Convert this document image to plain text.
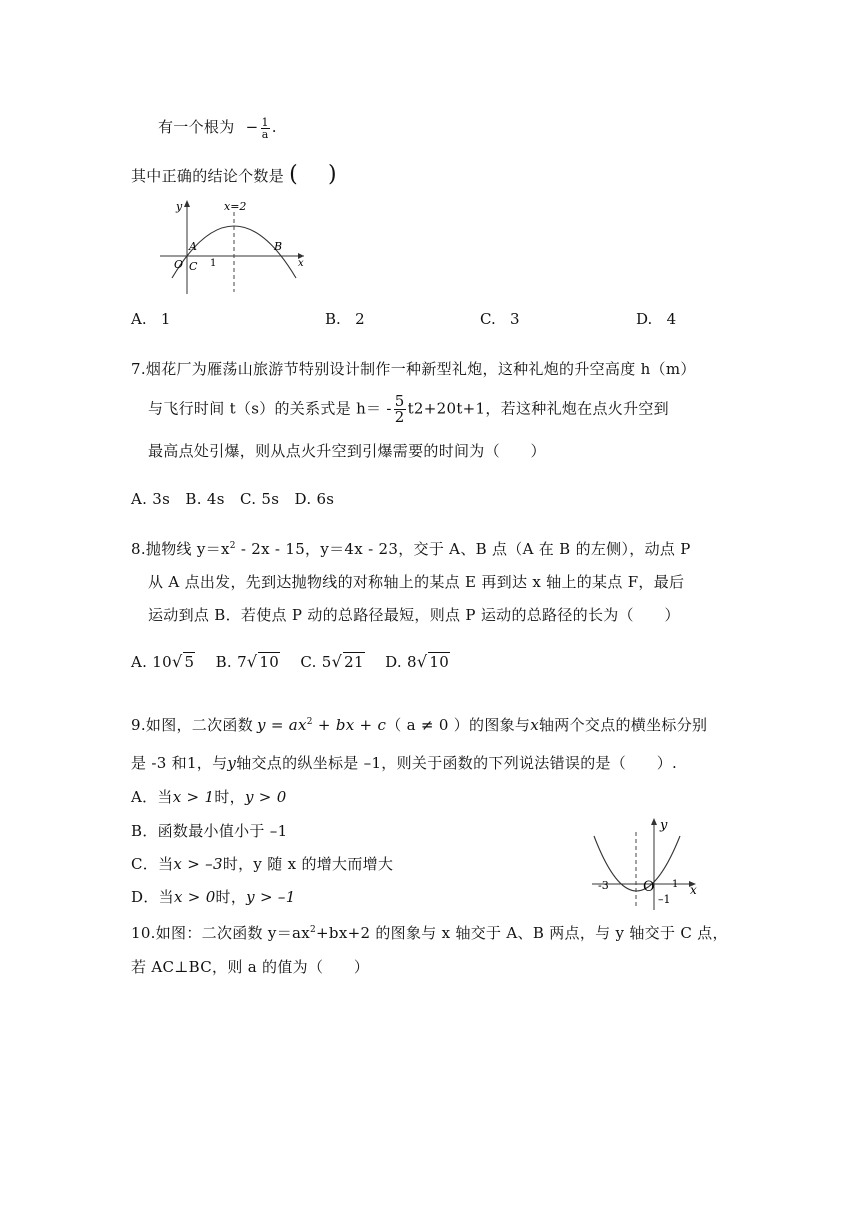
有一个根为 − $\frac{1}{a}$ .
其中正确的结论个数是 ( )
y	x=2
A	B
O C 1	x
A. 1	B. 2	C. 3	D. 4
7.烟花厂为雁荡山旅游节特别设计制作一种新型礼炮，这种礼炮的升空高度 h（m）
与飞行时间 t（s）的关系式是 $h= - \frac{5}{2} t2+20t+1$，若这种礼炮在点火升空到
最高点处引爆，则从点火升空到引爆需要的时间为（　　）
A. 3s　B. 4s　C. 5s　D. 6s
8.抛物线 $y=x^2 - 2x - 15$，y＝4x - 23，交于 A、B 点（A 在 B 的左侧），动点 P
从 A 点出发，先到达抛物线的对称轴上的某点 E 再到达 x 轴上的某点 F，最后
运动到点 B．若使点 P 动的总路径最短，则点 P 运动的总路径的长为（　　）
A. 10√ 5 B. 7√ 10 C. 5√ 21 D. 8√ 10
9.如图，二次函数 $y = ax^2$ + bx + c（ a ≠ 0 ）的图象与x轴两个交点的横坐标分别
是 -3 和1，与y轴交点的纵坐标是 –1，则关于函数的下列说法错误的是（　　）.
A．当x > 1时，y > 0
B．函数最小值小于 –1
C．当x > –3时，y 随 x 的增大而增大
D．当x > 0时，y > –1
y
-3 O 1
–1
x
10.如图：二次函数 $y=ax^2+bx+2$ 的图象与 x 轴交于 A、B 两点，与 y 轴交于 C 点，
若 AC⊥BC，则 a 的值为（　　）
